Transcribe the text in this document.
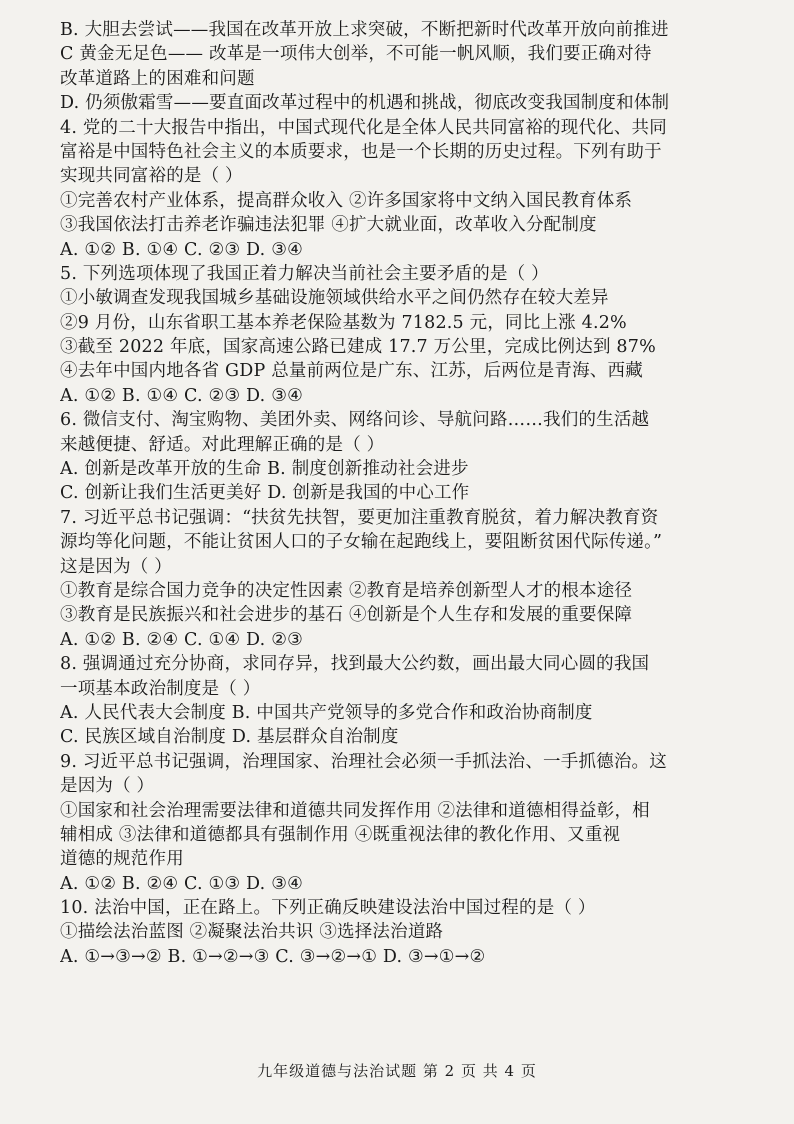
B. 大胆去尝试——我国在改革开放上求突破，不断把新时代改革开放向前推进
C 黄金无足色—— 改革是一项伟大创举，不可能一帆风顺，我们要正确对待
改革道路上的困难和问题
D. 仍须傲霜雪——要直面改革过程中的机遇和挑战，彻底改变我国制度和体制
4. 党的二十大报告中指出，中国式现代化是全体人民共同富裕的现代化、共同
富裕是中国特色社会主义的本质要求，也是一个长期的历史过程。下列有助于
实现共同富裕的是（ ）
①完善农村产业体系，提高群众收入 ②许多国家将中文纳入国民教育体系
③我国依法打击养老诈骗违法犯罪 ④扩大就业面，改革收入分配制度
A. ①② B. ①④ C. ②③ D. ③④
5. 下列选项体现了我国正着力解决当前社会主要矛盾的是（ ）
①小敏调查发现我国城乡基础设施领域供给水平之间仍然存在较大差异
②9 月份，山东省职工基本养老保险基数为 7182.5 元，同比上涨 4.2%
③截至 2022 年底，国家高速公路已建成 17.7 万公里，完成比例达到 87%
④去年中国内地各省 GDP 总量前两位是广东、江苏，后两位是青海、西藏
A. ①② B. ①④ C. ②③ D. ③④
6. 微信支付、淘宝购物、美团外卖、网络问诊、导航问路……我们的生活越
来越便捷、舒适。对此理解正确的是（ ）
A. 创新是改革开放的生命 B. 制度创新推动社会进步
C. 创新让我们生活更美好 D. 创新是我国的中心工作
7. 习近平总书记强调：“扶贫先扶智，要更加注重教育脱贫，着力解决教育资
源均等化问题，不能让贫困人口的子女输在起跑线上，要阻断贫困代际传递。”
这是因为（ ）
①教育是综合国力竞争的决定性因素 ②教育是培养创新型人才的根本途径
③教育是民族振兴和社会进步的基石 ④创新是个人生存和发展的重要保障
A. ①② B. ②④ C. ①④ D. ②③
8. 强调通过充分协商，求同存异，找到最大公约数，画出最大同心圆的我国
一项基本政治制度是（ ）
A. 人民代表大会制度 B. 中国共产党领导的多党合作和政治协商制度
C. 民族区域自治制度 D. 基层群众自治制度
9. 习近平总书记强调，治理国家、治理社会必须一手抓法治、一手抓德治。这
是因为（ ）
①国家和社会治理需要法律和道德共同发挥作用 ②法律和道德相得益彰，相
辅相成 ③法律和道德都具有强制作用 ④既重视法律的教化作用、又重视
道德的规范作用
A. ①② B. ②④ C. ①③ D. ③④
10. 法治中国，正在路上。下列正确反映建设法治中国过程的是（ ）
①描绘法治蓝图 ②凝聚法治共识 ③选择法治道路
A. ①→③→② B. ①→②→③ C. ③→②→① D. ③→①→②
九年级道德与法治试题 第 2 页 共 4 页
